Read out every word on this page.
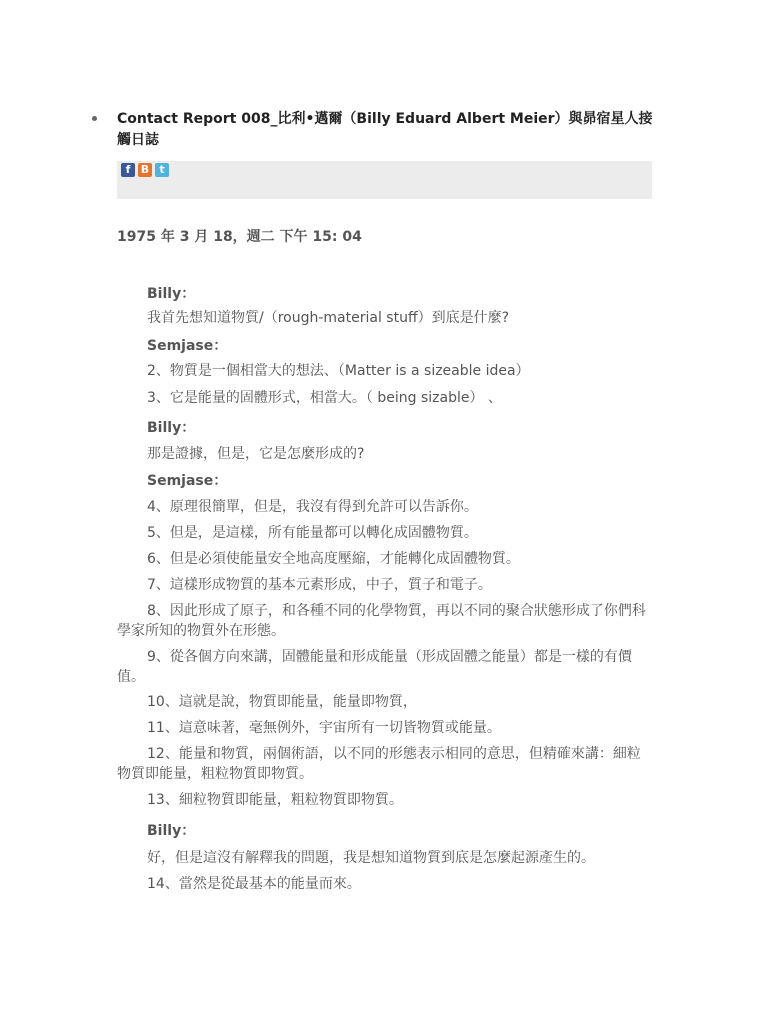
Contact Report 008_比利•邁爾（Billy Eduard Albert Meier）與昴宿星人接觸日誌
f B t
1975 年 3 月 18，週二 下午 15: 04
Billy：
我首先想知道物質/（rough-material stuff）到底是什麼?
Semjase：
2、物質是一個相當大的想法、（Matter is a sizeable idea）
3、它是能量的固體形式，相當大。（ being sizable） 、
Billy：
那是證據，但是，它是怎麼形成的?
Semjase：
4、原理很簡單，但是，我沒有得到允許可以告訴你。
5、但是，是這樣，所有能量都可以轉化成固體物質。
6、但是必須使能量安全地高度壓縮，才能轉化成固體物質。
7、這樣形成物質的基本元素形成，中子，質子和電子。
8、因此形成了原子，和各種不同的化學物質，再以不同的聚合狀態形成了你們科學家所知的物質外在形態。
9、從各個方向來講，固體能量和形成能量（形成固體之能量）都是一樣的有價值。
10、這就是說，物質即能量，能量即物質，
11、這意味著，毫無例外，宇宙所有一切皆物質或能量。
12、能量和物質，兩個術語，以不同的形態表示相同的意思，但精確來講：細粒物質即能量，粗粒物質即物質。
13、細粒物質即能量，粗粒物質即物質。
Billy：
好，但是這沒有解釋我的問題，我是想知道物質到底是怎麼起源產生的。
14、當然是從最基本的能量而來。
